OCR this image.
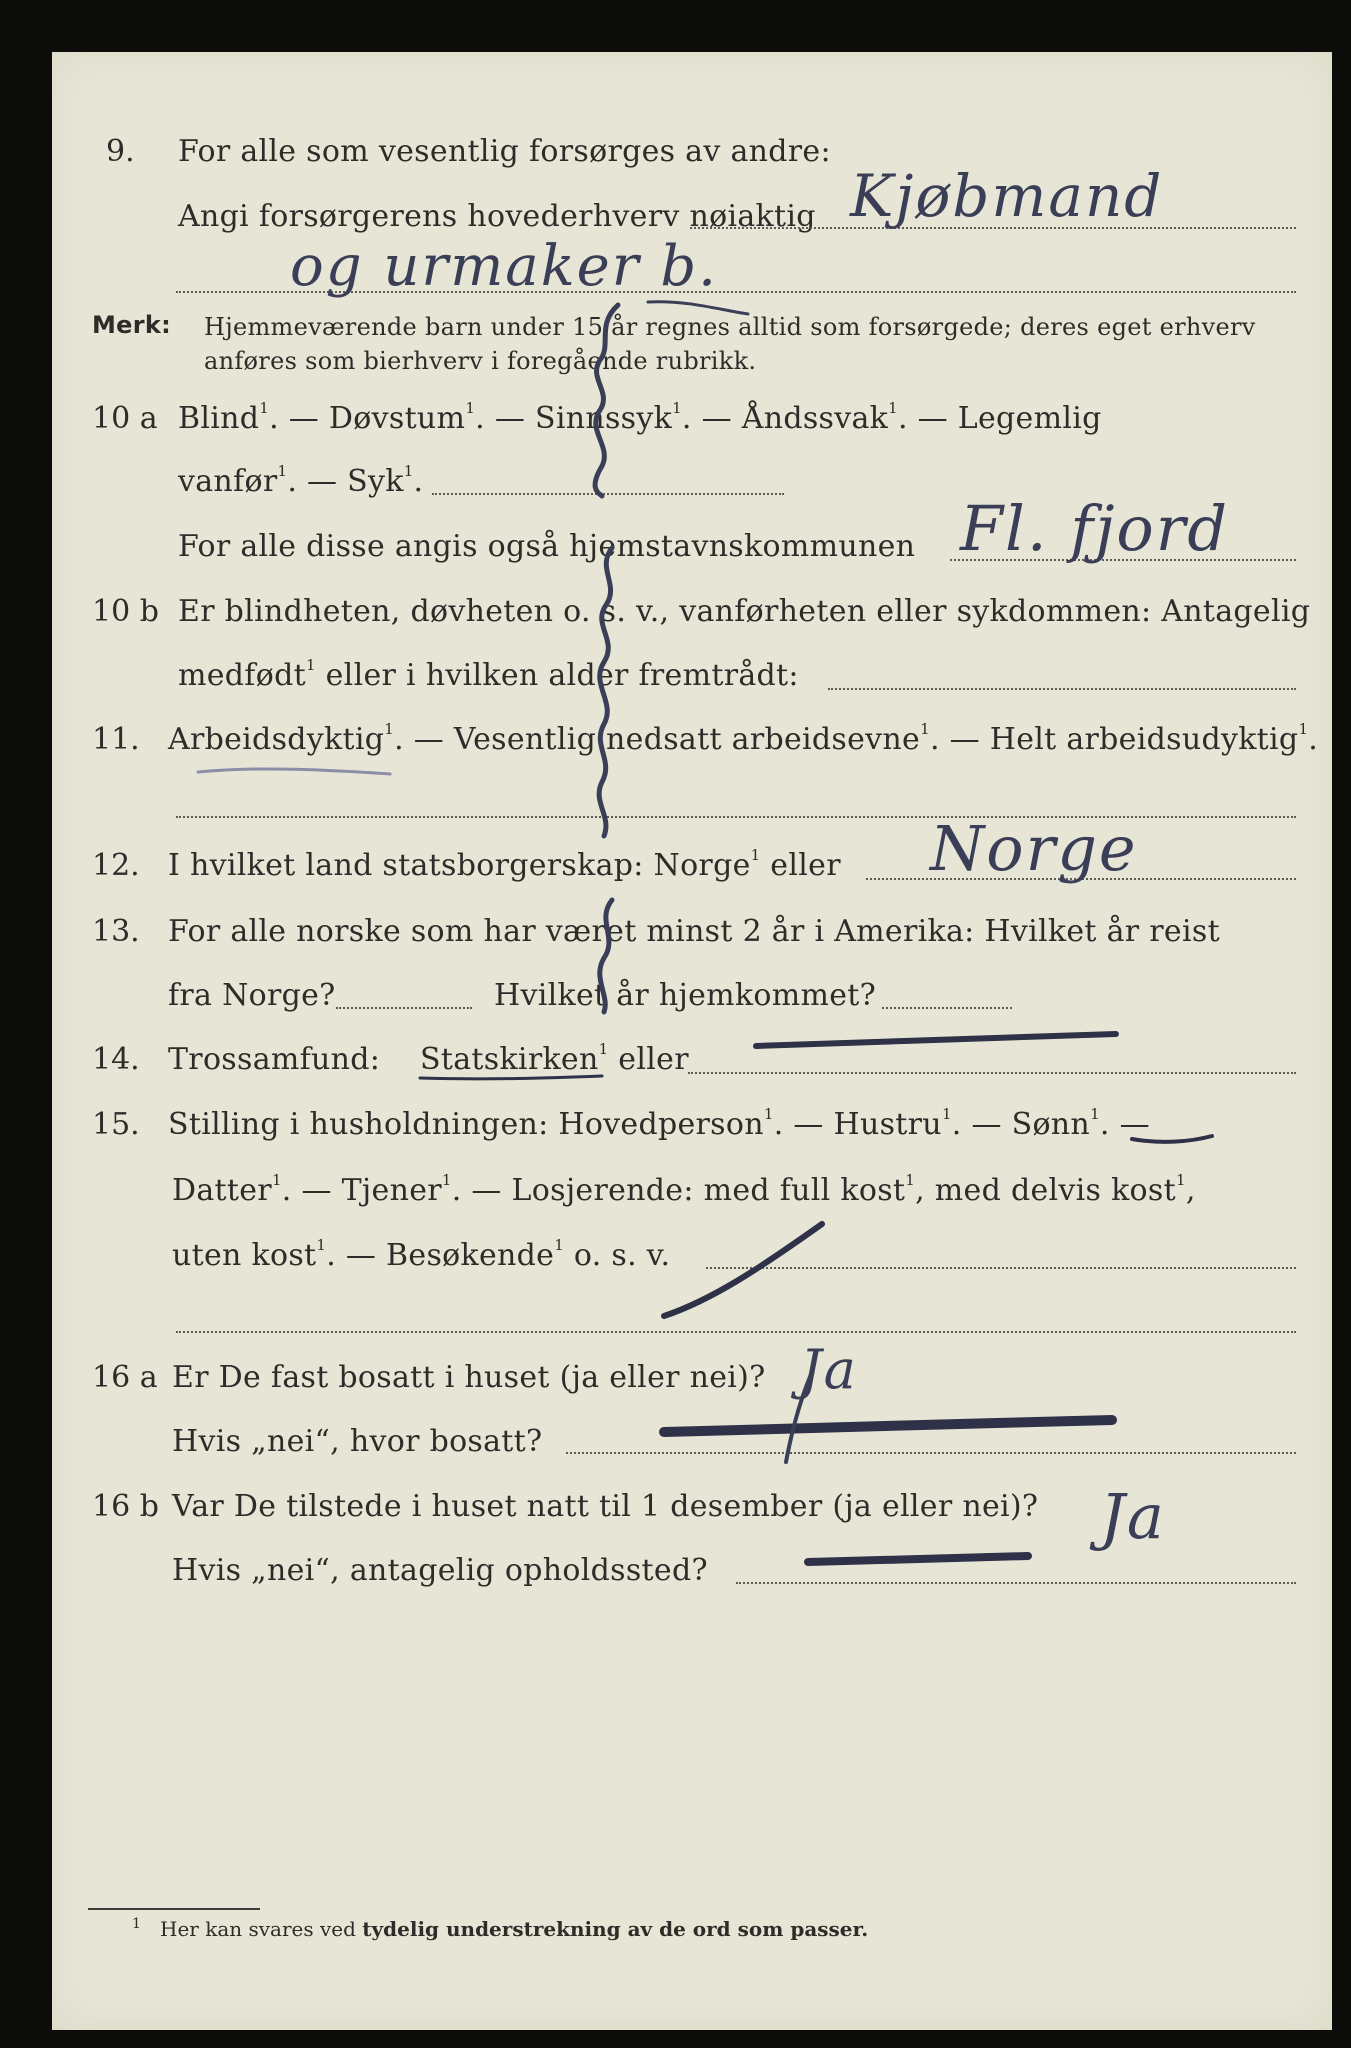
9. For alle som vesentlig forsørges av andre:
Angi forsørgerens hovederhverv nøiaktig Kjøbmand
og urmaker b.
Merk: Hjemmeværende barn under 15 år regnes alltid som forsørgede; deres eget erhverv
anføres som bierhverv i foregående rubrikk.
10 a Blind$^1$. — Døvstum$^1$. — Sinnssyk$^1$. — Åndssvak$^1$. — Legemlig
vanfør$^1$. — Syk$^1$.
For alle disse angis også hjemstavnskommunen Fl. fjord
10 b Er blindheten, døvheten o. s. v., vanførheten eller sykdommen: Antagelig
medfødt$^1$ eller i hvilken alder fremtrådt:
11. Arbeidsdyktig$^1$. — Vesentlig nedsatt arbeidsevne$^1$. — Helt arbeidsudyktig$^1$.
12. I hvilket land statsborgerskap: Norge$^1$ eller Norge
13. For alle norske som har været minst 2 år i Amerika: Hvilket år reist
fra Norge?	Hvilket år hjemkommet?
14. Trossamfund: Statskirken$^1$ eller
15. Stilling i husholdningen: Hovedperson$^1$. — Hustru$^1$. — Sønn$^1$. —
Datter$^1$. — Tjener$^1$. — Losjerende: med full kost$^1$, med delvis kost$^1$,
uten kost$^1$. — Besøkende$^1$ o. s. v.
16 a Er De fast bosatt i huset (ja eller nei)? Ja
Hvis „nei“, hvor bosatt?
16 b Var De tilstede i huset natt til 1 desember (ja eller nei)? Ja
Hvis „nei“, antagelig opholdssted?
1 Her kan svares ved tydelig understrekning av de ord som passer.
